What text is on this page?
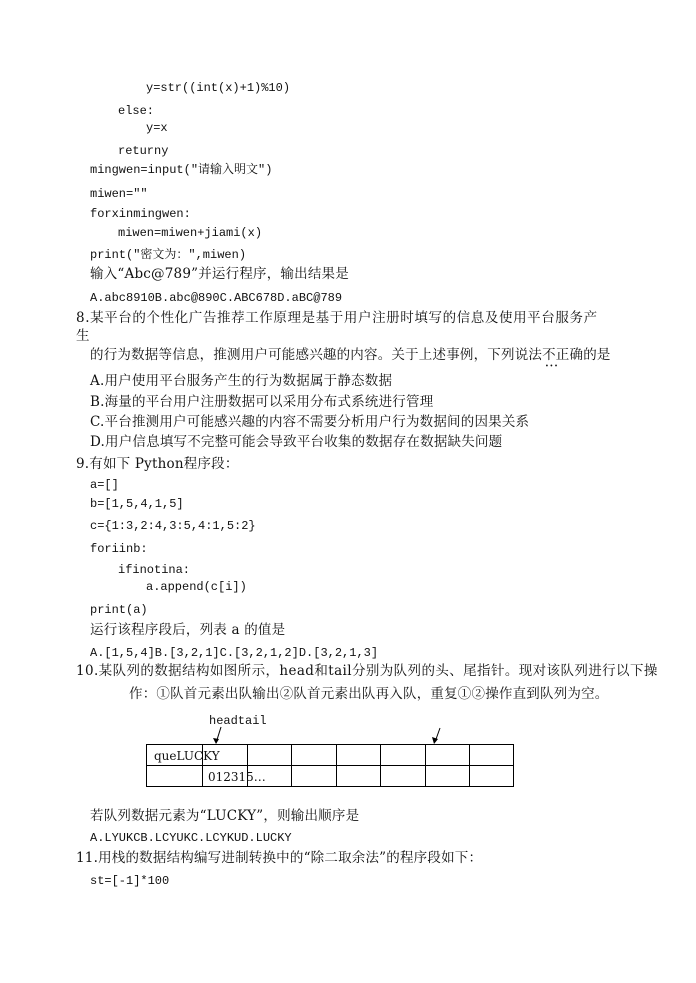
y=str((int(x)+1)%10)
else:
y=x
returny
mingwen=input("请输入明文")
miwen=""
forxinmingwen:
miwen=miwen+jiami(x)
print("密文为：",miwen)
输入“Abc@789”并运行程序，输出结果是
A.abc8910B.abc@890C.ABC678D.aBC@789
8.某平台的个性化广告推荐工作原理是基于用户注册时填写的信息及使用平台服务产
生
的行为数据等信息，推测用户可能感兴趣的内容。关于上述事例，下列说法不正 •••确的是
A.用户使用平台服务产生的行为数据属于静态数据
B.海量的平台用户注册数据可以采用分布式系统进行管理
C.平台推测用户可能感兴趣的内容不需要分析用户行为数据间的因果关系
D.用户信息填写不完整可能会导致平台收集的数据存在数据缺失问题
9.有如下 Python程序段：
a=[]
b=[1,5,4,1,5]
c={1:3,2:4,3:5,4:1,5:2}
foriinb:
ifinotina:
a.append(c[i])
print(a)
运行该程序段后，列表 a 的值是
A.[1,5,4]B.[3,2,1]C.[3,2,1,2]D.[3,2,1,3]
10.某队列的数据结构如图所示，head和tail分别为队列的头、尾指针。现对该队列进行以下操
作：①队首元素出队输出②队首元素出队再入队，重复①②操作直到队列为空。
headtail
queLUCKY
012315…
若队列数据元素为“LUCKY”，则输出顺序是
A.LYUKCB.LCYUKC.LCYKUD.LUCKY
11.用栈的数据结构编写进制转换中的“除二取余法”的程序段如下：
st=[-1]*100
